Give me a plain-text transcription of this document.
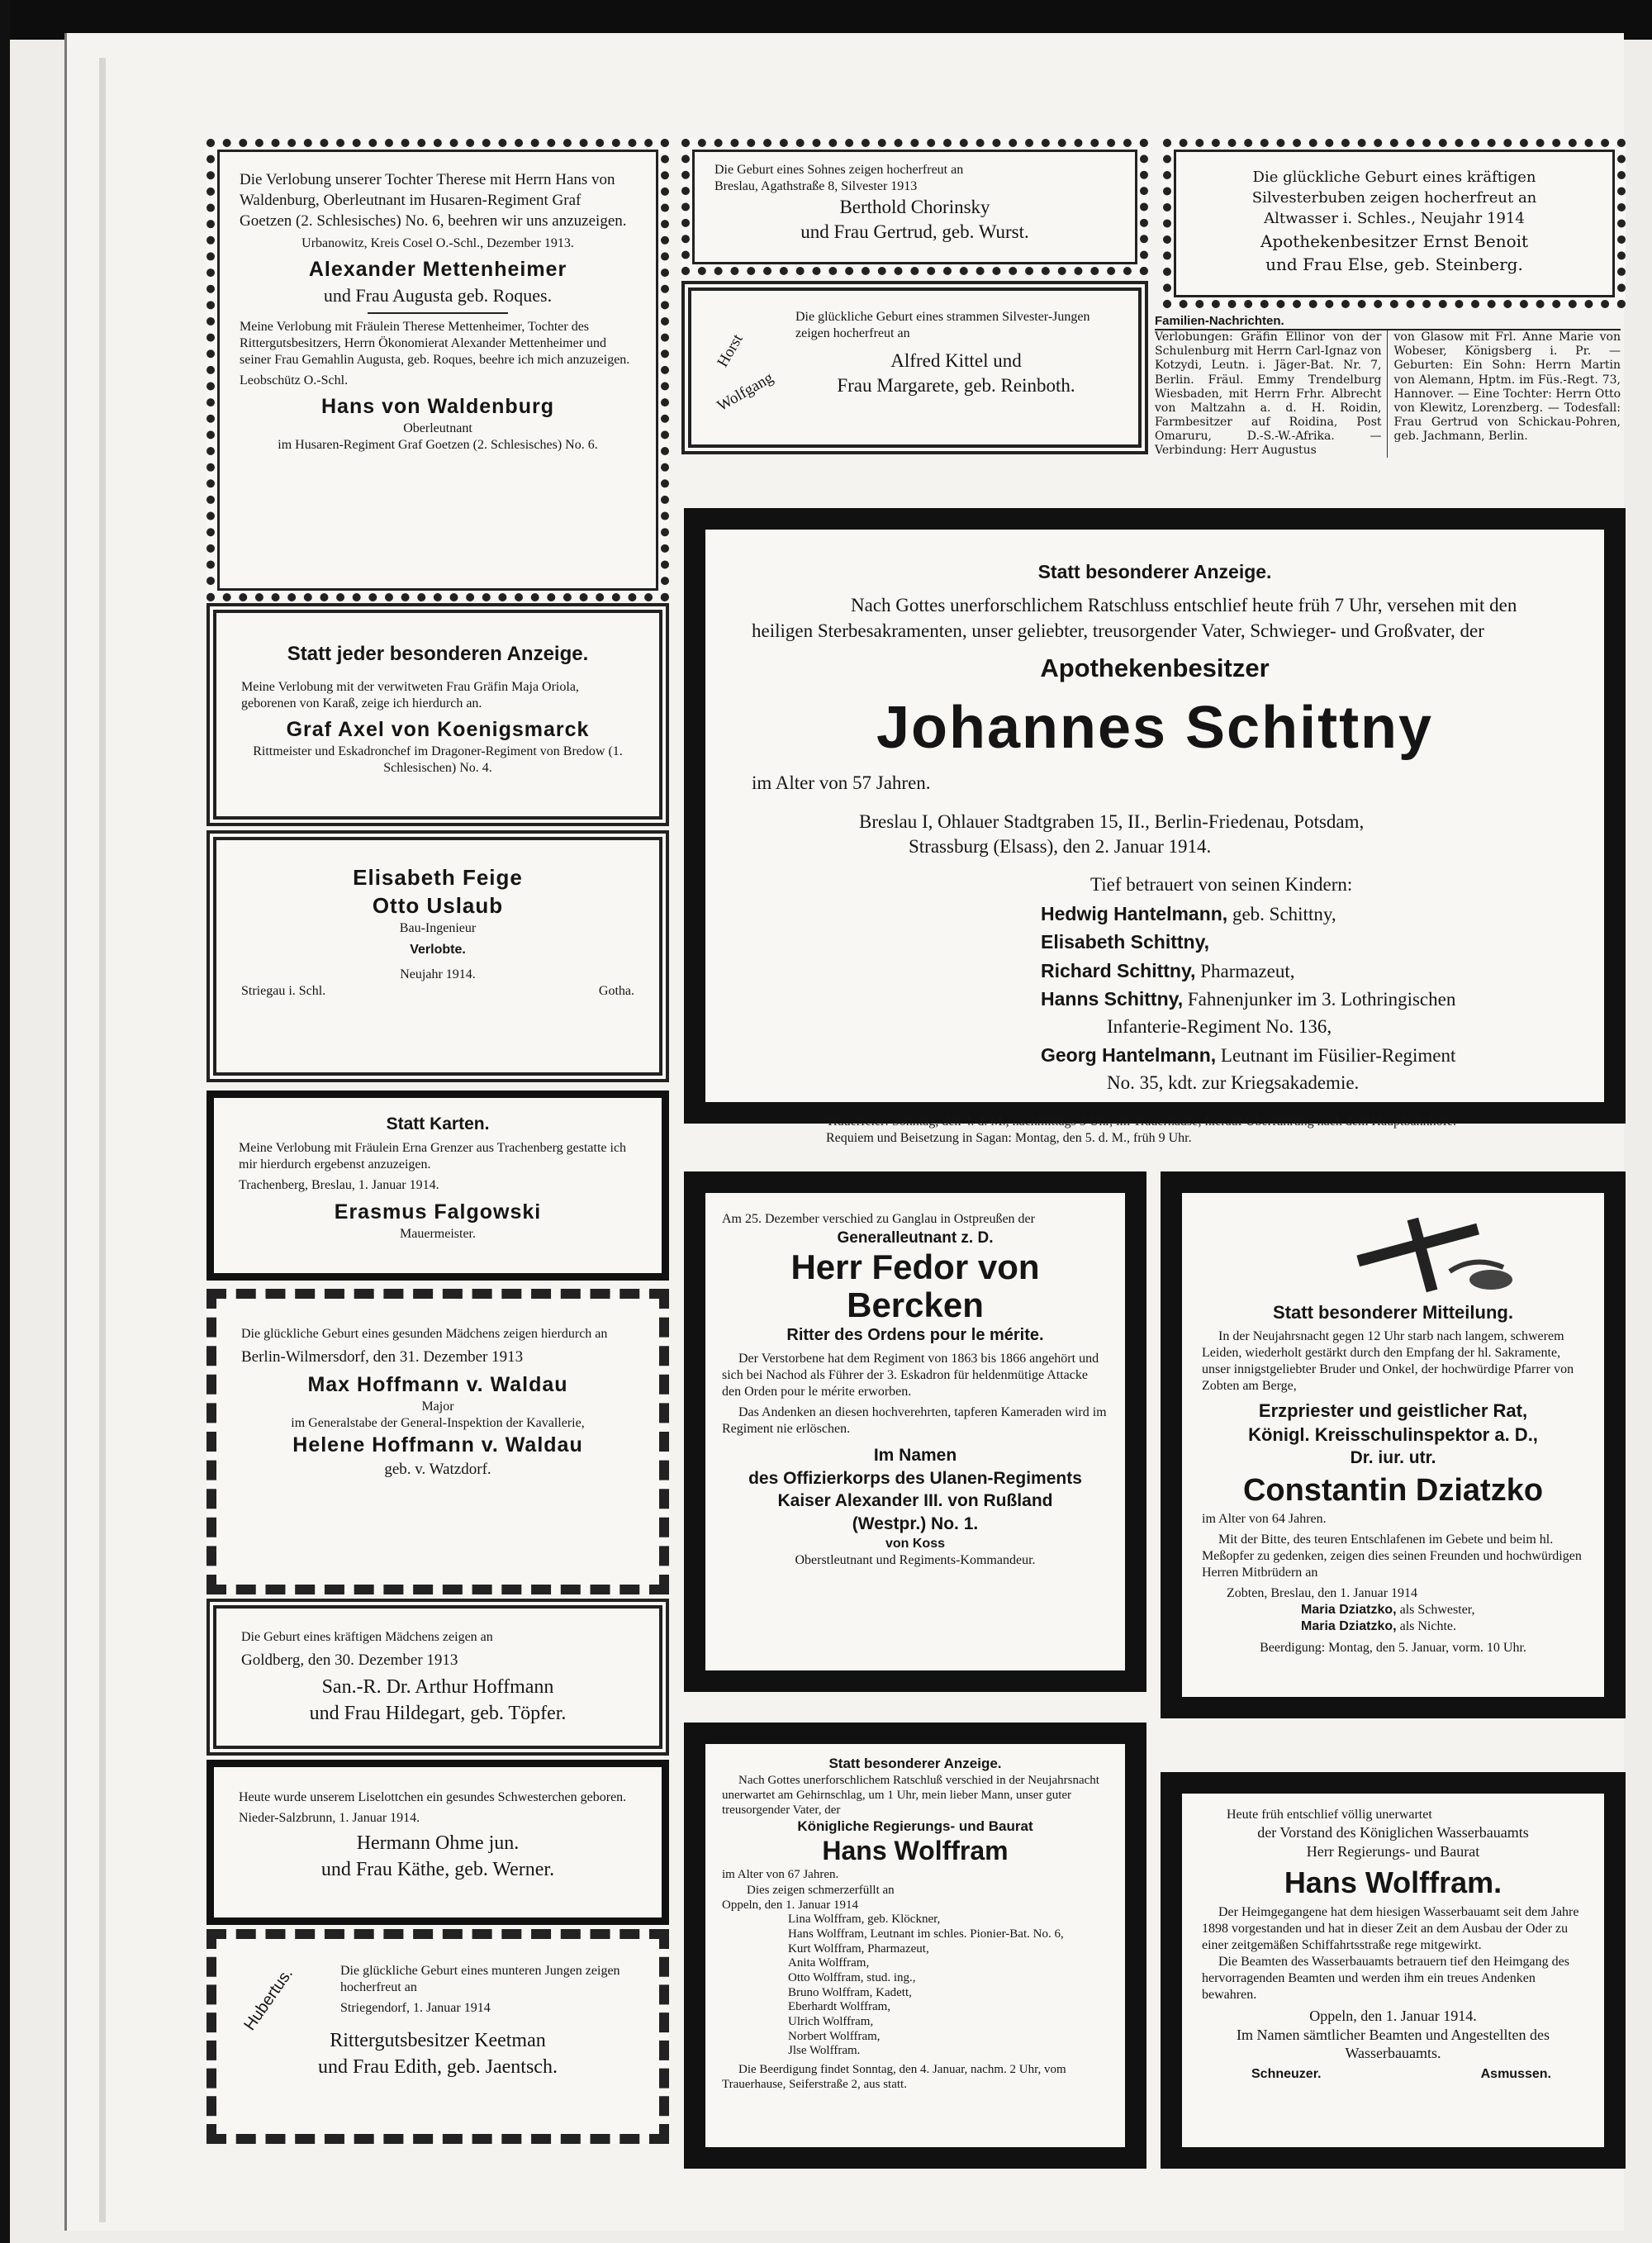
Die Verlobung unserer Tochter Therese mit Herrn Hans von Waldenburg, Oberleutnant im Husaren-Regiment Graf Goetzen (2. Schlesisches) No. 6, beehren wir uns anzuzeigen.
Urbanowitz, Kreis Cosel O.-Schl., Dezember 1913.
Alexander Mettenheimer
und Frau Augusta geb. Roques.
Meine Verlobung mit Fräulein Therese Mettenheimer, Tochter des Rittergutsbesitzers, Herrn Ökonomierat Alexander Mettenheimer und seiner Frau Gemahlin Augusta, geb. Roques, beehre ich mich anzuzeigen.
Leobschütz O.-Schl.
Hans von Waldenburg
Oberleutnant
im Husaren-Regiment Graf Goetzen (2. Schlesisches) No. 6.
Statt jeder besonderen Anzeige.
Meine Verlobung mit der verwitweten Frau Gräfin Maja Oriola, geborenen von Karaß, zeige ich hierdurch an.
Graf Axel von Koenigsmarck
Rittmeister und Eskadronchef im Dragoner-Regiment von Bredow (1. Schlesischen) No. 4.
Elisabeth Feige
Otto Uslaub
Bau-Ingenieur
Verlobte.
Neujahr 1914.
Striegau i. Schl.	Gotha.
Statt Karten.
Meine Verlobung mit Fräulein Erna Grenzer aus Trachenberg gestatte ich mir hierdurch ergebenst anzuzeigen.
Trachenberg, Breslau, 1. Januar 1914.
Erasmus Falgowski
Mauermeister.
Die glückliche Geburt eines gesunden Mädchens zeigen hierdurch an
Berlin-Wilmersdorf, den 31. Dezember 1913
Max Hoffmann v. Waldau
Major
im Generalstabe der General-Inspektion der Kavallerie,
Helene Hoffmann v. Waldau
geb. v. Watzdorf.
Die Geburt eines kräftigen Mädchens zeigen an
Goldberg, den 30. Dezember 1913
San.-R. Dr. Arthur Hoffmann
und Frau Hildegart, geb. Töpfer.
Heute wurde unserem Liselottchen ein gesundes Schwesterchen geboren.
Nieder-Salzbrunn, 1. Januar 1914.
Hermann Ohme jun.
und Frau Käthe, geb. Werner.
Hubertus.	Die glückliche Geburt eines munteren Jungen zeigen hocherfreut an
Striegendorf, 1. Januar 1914
Rittergutsbesitzer Keetman
und Frau Edith, geb. Jaentsch.
Die Geburt eines Sohnes zeigen hocherfreut an
Breslau, Agathstraße 8, Silvester 1913
Berthold Chorinsky
und Frau Gertrud, geb. Wurst.
Horst
Wolfgang
Die glückliche Geburt eines strammen Silvester-Jungen zeigen hocherfreut an
Alfred Kittel und
Frau Margarete, geb. Reinboth.
Die glückliche Geburt eines kräftigen Silvesterbuben zeigen hocherfreut an
Altwasser i. Schles., Neujahr 1914
Apothekenbesitzer Ernst Benoit
und Frau Else, geb. Steinberg.
Familien-Nachrichten.
Verlobungen: Gräfin Ellinor von der Schulenburg mit Herrn Carl-Ignaz von Kotzydi, Leutn. i. Jäger-Bat. Nr. 7, Berlin. Fräul. Emmy Trendelburg Wiesbaden, mit Herrn Frhr. Albrecht von Maltzahn a. d. H. Roidin, Farmbesitzer auf Roidina, Post Omaruru, D.-S.-W.-Afrika. — Verbindung: Herr Augustus
von Glasow mit Frl. Anne Marie von Wobeser, Königsberg i. Pr. — Geburten: Ein Sohn: Herrn Martin von Alemann, Hptm. im Füs.-Regt. 73, Hannover. — Eine Tochter: Herrn Otto von Klewitz, Lorenzberg. — Todesfall: Frau Gertrud von Schickau-Pohren, geb. Jachmann, Berlin.
Statt besonderer Anzeige.
Nach Gottes unerforschlichem Ratschluss entschlief heute früh 7 Uhr, versehen mit den heiligen Sterbesakramenten, unser geliebter, treusorgender Vater, Schwieger- und Großvater, der
Apothekenbesitzer
Johannes Schittny
im Alter von 57 Jahren.
Breslau I, Ohlauer Stadtgraben 15, II., Berlin-Friedenau, Potsdam,
Strassburg (Elsass), den 2. Januar 1914.
Tief betrauert von seinen Kindern:
Hedwig Hantelmann, geb. Schittny,
Elisabeth Schittny,
Richard Schittny, Pharmazeut,
Hanns Schittny, Fahnenjunker im 3. Lothringischen
Infanterie-Regiment No. 136,
Georg Hantelmann, Leutnant im Füsilier-Regiment
No. 35, kdt. zur Kriegsakademie.
Trauerfeier: Sonntag, den 4. d. M., nachmittags 3 Uhr, im Trauerhause; hierauf Überführung nach dem Hauptbahnhofe.
Requiem und Beisetzung in Sagan: Montag, den 5. d. M., früh 9 Uhr.
Am 25. Dezember verschied zu Ganglau in Ostpreußen der
Generalleutnant z. D.
Herr Fedor von Bercken
Ritter des Ordens pour le mérite.
Der Verstorbene hat dem Regiment von 1863 bis 1866 angehört und sich bei Nachod als Führer der 3. Eskadron für heldenmütige Attacke den Orden pour le mérite erworben.
Das Andenken an diesen hochverehrten, tapferen Kameraden wird im Regiment nie erlöschen.
Im Namen
des Offizierkorps des Ulanen-Regiments
Kaiser Alexander III. von Rußland
(Westpr.) No. 1.
von Koss
Oberstleutnant und Regiments-Kommandeur.
Statt besonderer Mitteilung.
In der Neujahrsnacht gegen 12 Uhr starb nach langem, schwerem Leiden, wiederholt gestärkt durch den Empfang der hl. Sakramente, unser innigstgeliebter Bruder und Onkel, der hochwürdige Pfarrer von Zobten am Berge,
Erzpriester und geistlicher Rat,
Königl. Kreisschulinspektor a. D.,
Dr. iur. utr.
Constantin Dziatzko
im Alter von 64 Jahren.
Mit der Bitte, des teuren Entschlafenen im Gebete und beim hl. Meßopfer zu gedenken, zeigen dies seinen Freunden und hochwürdigen Herren Mitbrüdern an
Zobten, Breslau, den 1. Januar 1914
Maria Dziatzko, als Schwester,
Maria Dziatzko, als Nichte.
Beerdigung: Montag, den 5. Januar, vorm. 10 Uhr.
Statt besonderer Anzeige.
Nach Gottes unerforschlichem Ratschluß verschied in der Neujahrsnacht unerwartet am Gehirnschlag, um 1 Uhr, mein lieber Mann, unser guter treusorgender Vater, der
Königliche Regierungs- und Baurat
Hans Wolffram
im Alter von 67 Jahren.
Dies zeigen schmerzerfüllt an
Oppeln, den 1. Januar 1914
Lina Wolffram, geb. Klöckner,
Hans Wolffram, Leutnant im schles. Pionier-Bat. No. 6,
Kurt Wolffram, Pharmazeut,
Anita Wolffram,
Otto Wolffram, stud. ing.,
Bruno Wolffram, Kadett,
Eberhardt Wolffram,
Ulrich Wolffram,
Norbert Wolffram,
Jlse Wolffram.
Die Beerdigung findet Sonntag, den 4. Januar, nachm. 2 Uhr, vom Trauerhause, Seiferstraße 2, aus statt.
Heute früh entschlief völlig unerwartet
der Vorstand des Königlichen Wasserbauamts
Herr Regierungs- und Baurat
Hans Wolffram.
Der Heimgegangene hat dem hiesigen Wasserbauamt seit dem Jahre 1898 vorgestanden und hat in dieser Zeit an dem Ausbau der Oder zu einer zeitgemäßen Schiffahrtsstraße rege mitgewirkt.
Die Beamten des Wasserbauamts betrauern tief den Heimgang des hervorragenden Beamten und werden ihm ein treues Andenken bewahren.
Oppeln, den 1. Januar 1914.
Im Namen sämtlicher Beamten und Angestellten des Wasserbauamts.
Schneuzer.	Asmussen.
